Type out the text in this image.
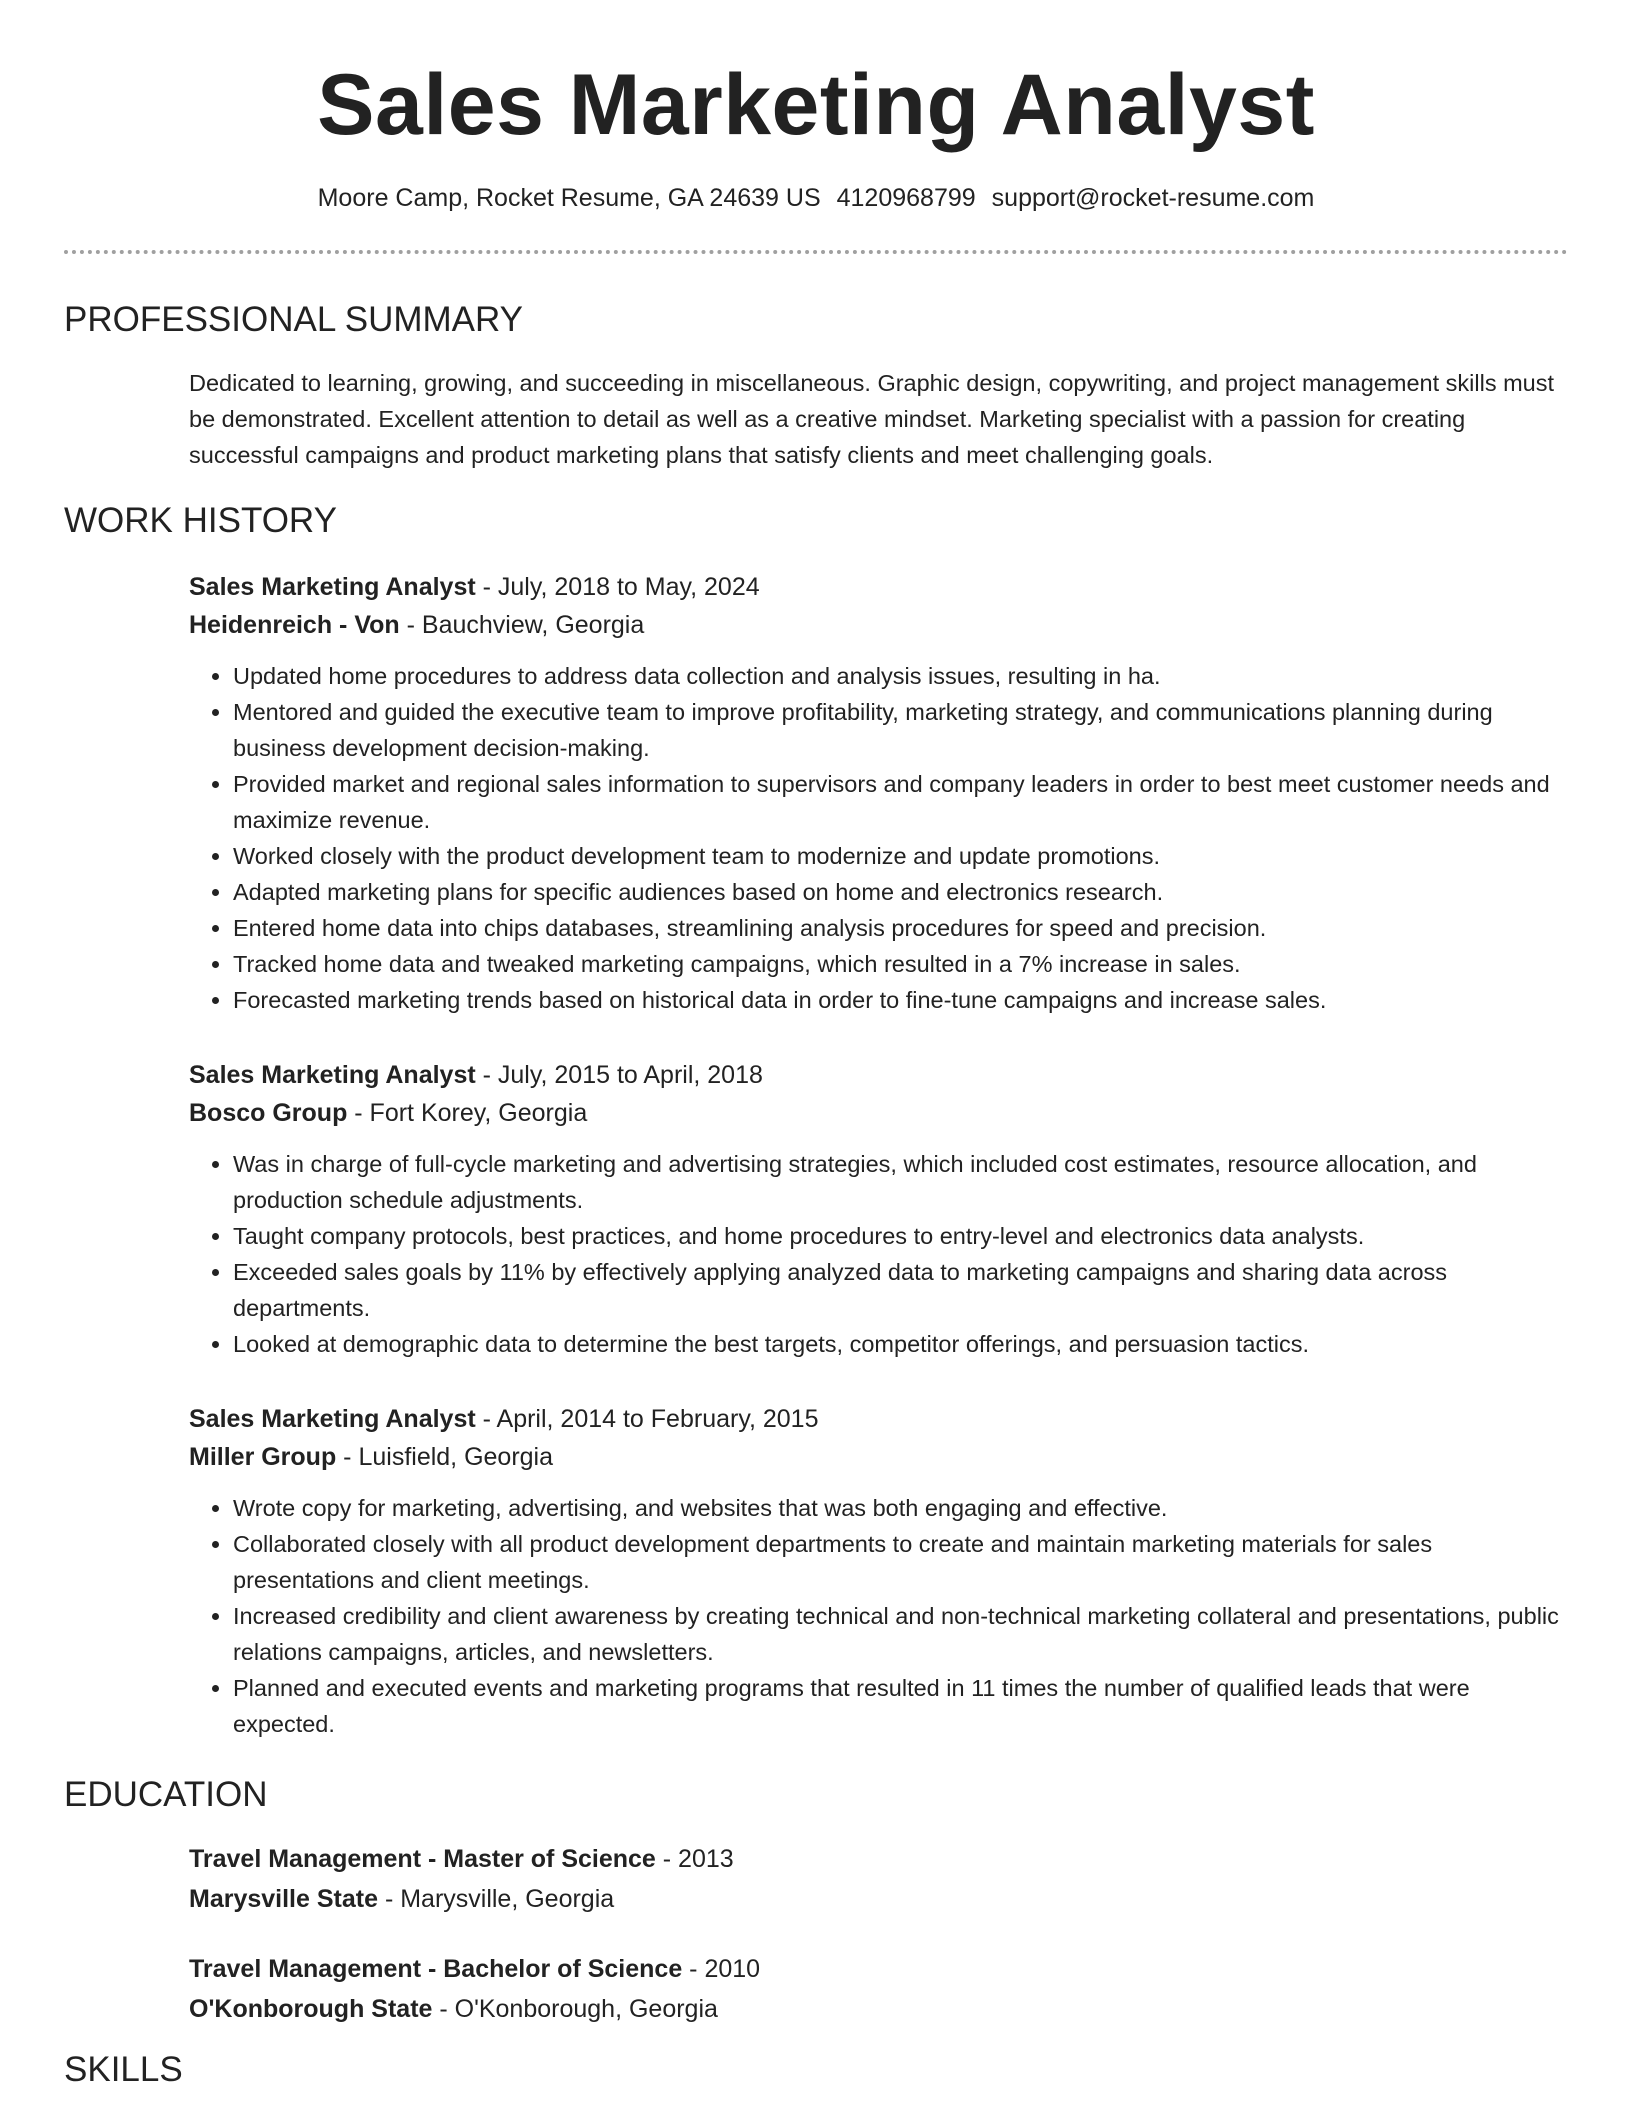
Sales Marketing Analyst
Moore Camp, Rocket Resume, GA 24639 US 4120968799 support@rocket-resume.com
PROFESSIONAL SUMMARY
Dedicated to learning, growing, and succeeding in miscellaneous. Graphic design, copywriting, and project management skills must be demonstrated. Excellent attention to detail as well as a creative mindset. Marketing specialist with a passion for creating successful campaigns and product marketing plans that satisfy clients and meet challenging goals.
WORK HISTORY
Sales Marketing Analyst - July, 2018 to May, 2024
Heidenreich - Von - Bauchview, Georgia
• Updated home procedures to address data collection and analysis issues, resulting in ha.
• Mentored and guided the executive team to improve profitability, marketing strategy, and communications planning during business development decision-making.
• Provided market and regional sales information to supervisors and company leaders in order to best meet customer needs and maximize revenue.
• Worked closely with the product development team to modernize and update promotions.
• Adapted marketing plans for specific audiences based on home and electronics research.
• Entered home data into chips databases, streamlining analysis procedures for speed and precision.
• Tracked home data and tweaked marketing campaigns, which resulted in a 7% increase in sales.
• Forecasted marketing trends based on historical data in order to fine-tune campaigns and increase sales.
Sales Marketing Analyst - July, 2015 to April, 2018
Bosco Group - Fort Korey, Georgia
• Was in charge of full-cycle marketing and advertising strategies, which included cost estimates, resource allocation, and production schedule adjustments.
• Taught company protocols, best practices, and home procedures to entry-level and electronics data analysts.
• Exceeded sales goals by 11% by effectively applying analyzed data to marketing campaigns and sharing data across departments.
• Looked at demographic data to determine the best targets, competitor offerings, and persuasion tactics.
Sales Marketing Analyst - April, 2014 to February, 2015
Miller Group - Luisfield, Georgia
• Wrote copy for marketing, advertising, and websites that was both engaging and effective.
• Collaborated closely with all product development departments to create and maintain marketing materials for sales presentations and client meetings.
• Increased credibility and client awareness by creating technical and non-technical marketing collateral and presentations, public relations campaigns, articles, and newsletters.
• Planned and executed events and marketing programs that resulted in 11 times the number of qualified leads that were expected.
EDUCATION
Travel Management - Master of Science - 2013
Marysville State - Marysville, Georgia
Travel Management - Bachelor of Science - 2010
O'Konborough State - O'Konborough, Georgia
SKILLS
